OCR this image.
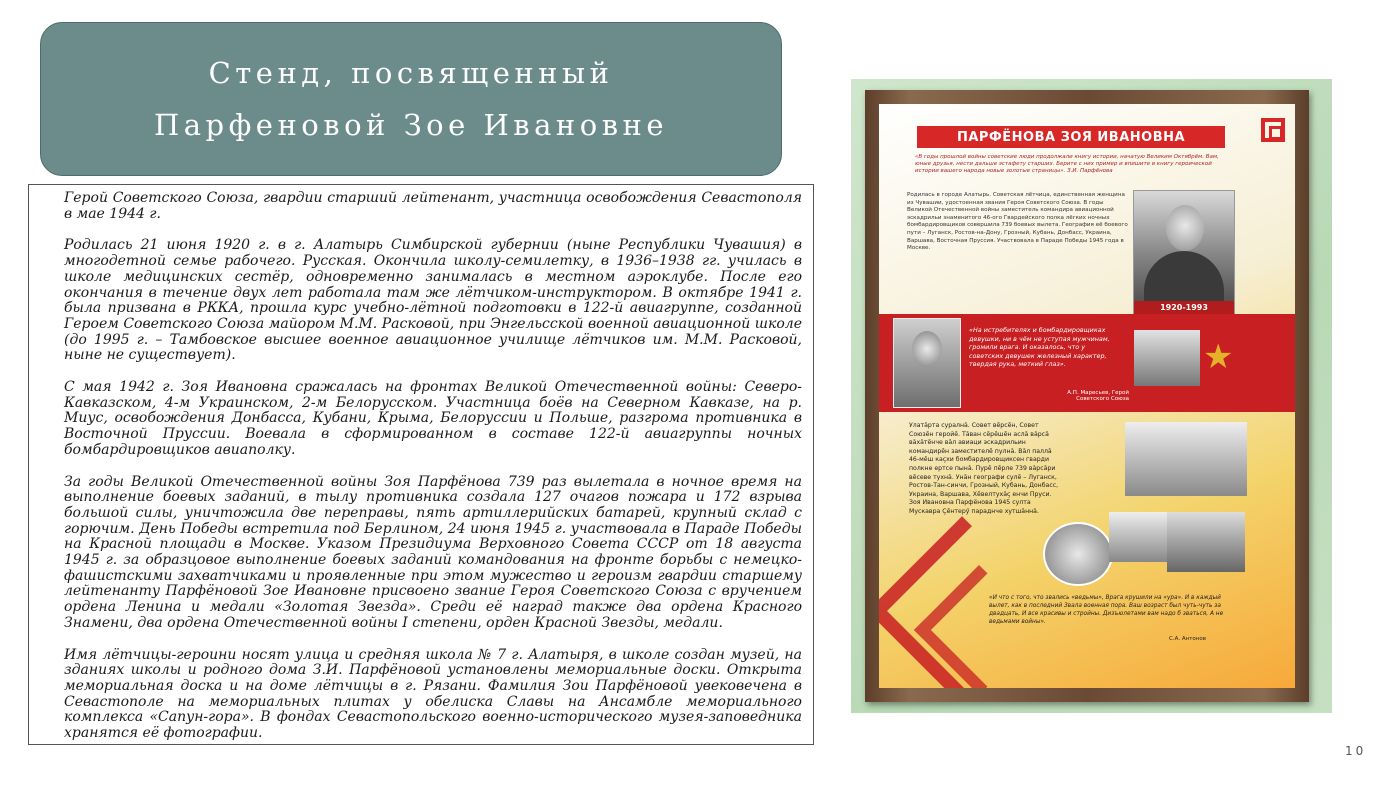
Стенд, посвященный
Парфеновой Зое Ивановне

Герой Советского Союза, гвардии старший лейтенант, участница освобождения Севастополя в мае 1944 г.

Родилась 21 июня 1920 г. в г. Алатырь Симбирской губернии (ныне Республики Чувашия) в многодетной семье рабочего. Русская. Окончила школу-семилетку, в 1936–1938 гг. училась в школе медицинских сестёр, одновременно занималась в местном аэроклубе. После его окончания в течение двух лет работала там же лётчиком-инструктором. В октябре 1941 г. была призвана в РККА, прошла курс учебно-лётной подготовки в 122-й авиагруппе, созданной Героем Советского Союза майором М.М. Расковой, при Энгельсской военной авиационной школе (до 1995 г. – Тамбовское высшее военное авиационное училище лётчиков им. М.М. Расковой, ныне не существует).

С мая 1942 г. Зоя Ивановна сражалась на фронтах Великой Отечественной войны: Северо-Кавказском, 4-м Украинском, 2-м Белорусском. Участница боёв на Северном Кавказе, на р. Миус, освобождения Донбасса, Кубани, Крыма, Белоруссии и Польше, разгрома противника в Восточной Пруссии. Воевала в сформированном в составе 122-й авиагруппы ночных бомбардировщиков авиаполку.

За годы Великой Отечественной войны Зоя Парфёнова 739 раз вылетала в ночное время на выполнение боевых заданий, в тылу противника создала 127 очагов пожара и 172 взрыва большой силы, уничтожила две переправы, пять артиллерийских батарей, крупный склад с горючим. День Победы встретила под Берлином, 24 июня 1945 г. участвовала в Параде Победы на Красной площади в Москве. Указом Президиума Верховного Совета СССР от 18 августа 1945 г. за образцовое выполнение боевых заданий командования на фронте борьбы с немецко-фашистскими захватчиками и проявленные при этом мужество и героизм гвардии старшему лейтенанту Парфёновой Зое Ивановне присвоено звание Героя Советского Союза с вручением ордена Ленина и медали «Золотая Звезда». Среди её наград также два ордена Красного Знамени, два ордена Отечественной войны I степени, орден Красной Звезды, медали.

Имя лётчицы-героини носят улица и средняя школа № 7 г. Алатыря, в школе создан музей, на зданиях школы и родного дома З.И. Парфёновой установлены мемориальные доски. Открыта мемориальная доска и на доме лётчицы в г. Рязани. Фамилия Зои Парфёновой увековечена в Севастополе на мемориальных плитах у обелиска Славы на Ансамбле мемориального комплекса «Сапун-гора». В фондах Севастопольского военно-исторического музея-заповедника хранятся её фотографии.

ПАРФЁНОВА ЗОЯ ИВАНОВНА
«В годы прошлой войны советские люди продолжали книгу истории, начатую Великим Октябрём. Вам, юные друзья, нести дальше эстафету старших. Берите с них пример и впишите в книгу героической истории вашего народа новые золотые страницы». З.И. Парфёнова
Родилась в городе Алатырь. Советская лётчица, единственная женщина из Чувашии, удостоенная звания Героя Советского Союза. В годы Великой Отечественной войны заместитель командира авиационной эскадрильи знаменитого 46-ого Гвардейского полка лёгких ночных бомбардировщиков совершила 739 боевых вылета. География её боевого пути – Луганск, Ростов-на-Дону, Грозный, Кубань, Донбасс, Украина, Варшава, Восточная Пруссия. Участвовала в Параде Победы 1945 года в Москве.
1920-1993
«На истребителях и бомбардировщиках девушки, ни в чём не уступая мужчинам, громили врага. И оказалось, что у советских девушек железный характер, твердая рука, меткий глаз».
А.П. Маресьев, Герой Советского Союза
★
Улатӑрта суралнӑ. Совет вӗрсӗн, Совет Союзӗн геройӗ. Тӑван сӗрӗшӗн аслӑ вӑрсӑ вӑхӑтӗнче вӑл авиаци эскадрильин командирӗн заместителӗ пулнӑ. Вӑл паллӑ 46-мӗш каҫхи бомбардировщиксен гварди полкне ертсе пынӑ. Пурӗ пӗрле 739 вӑрсӑри вӗсеве тухнӑ. Унӑн географи сулӗ – Луганск, Ростов-Тан-синчи, Грозный, Кубань, Донбасс, Украина, Варшава, Хӗвелтухӑç енчи Пруси. Зоя Ивановна Парфёнова 1945 султа Мускавра Çӗнтерӳ параднче хутшӑннӑ.
«И что с того, что звались «ведьмы», Врага крушили на «ура». И в каждый вылет, как в последний Звала военная пора. Ваш возраст был чуть-чуть за двадцать, И все красивы и стройны. Дизъюлетами вам надо б зваться, А не ведьмами войны».
С.А. Антонов
10
